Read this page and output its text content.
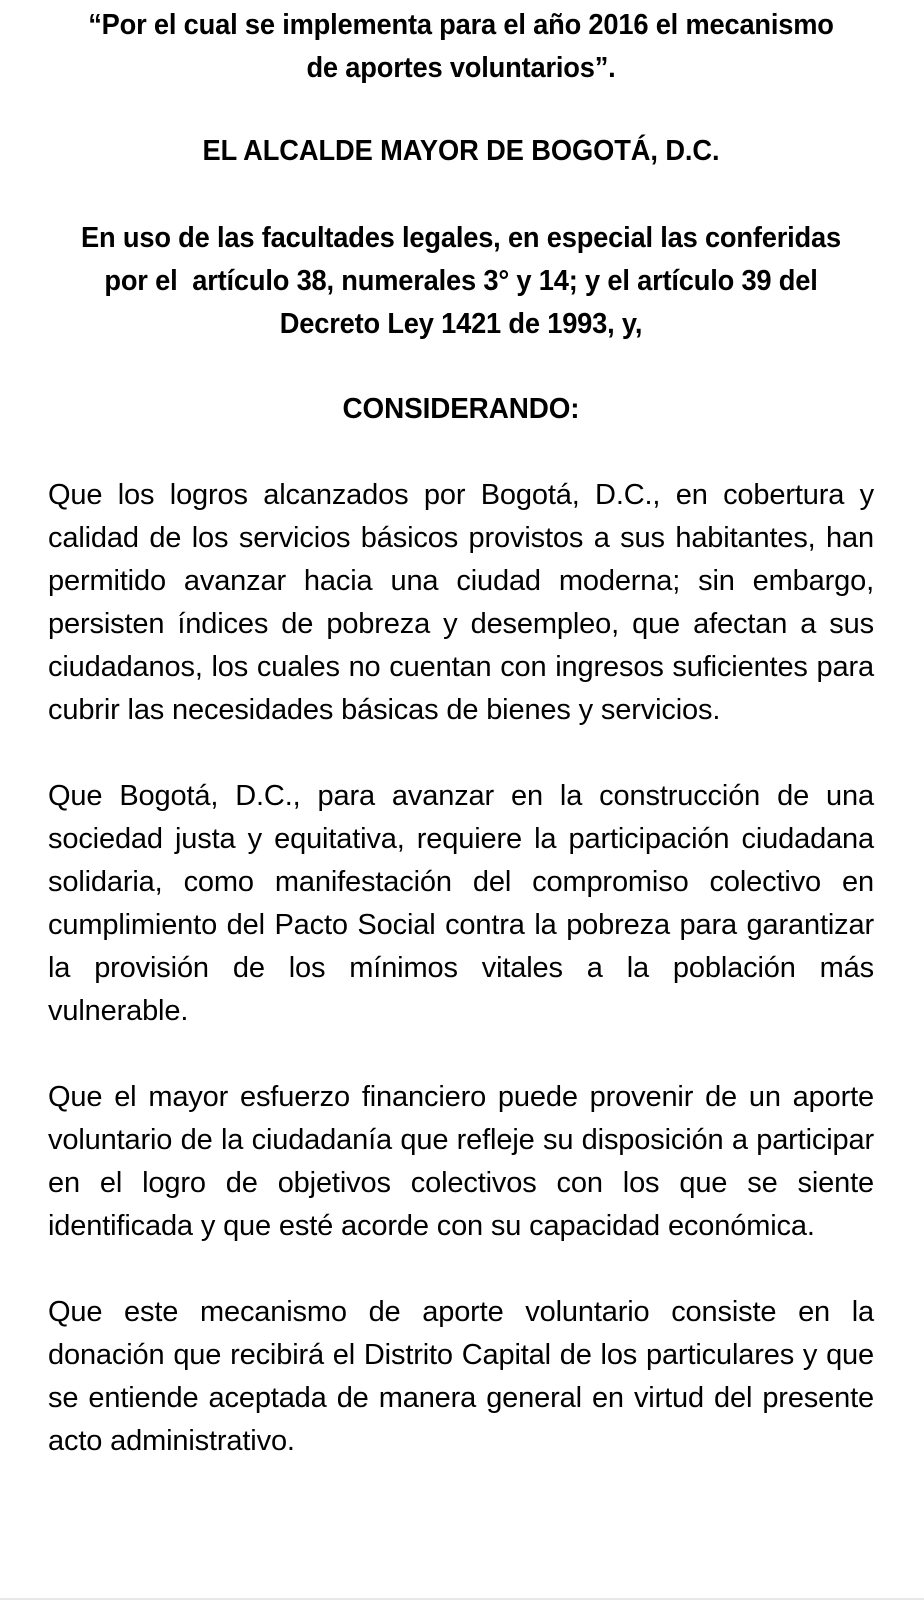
“Por el cual se implementa para el año 2016 el mecanismo de aportes voluntarios”.
EL ALCALDE MAYOR DE BOGOTÁ, D.C.

En uso de las facultades legales, en especial las conferidas por el  artículo 38, numerales 3° y 14; y el artículo 39 del Decreto Ley 1421 de 1993, y,

CONSIDERANDO:

Que los logros alcanzados por Bogotá, D.C., en cobertura y calidad de los servicios básicos provistos a sus habitantes, han permitido avanzar hacia una ciudad moderna; sin embargo, persisten índices de pobreza y desempleo, que afectan a sus ciudadanos, los cuales no cuentan con ingresos suficientes para cubrir las necesidades básicas de bienes y servicios.

Que Bogotá, D.C., para avanzar en la construcción de una sociedad justa y equitativa, requiere la participación ciudadana solidaria, como manifestación del compromiso colectivo en cumplimiento del Pacto Social contra la pobreza para garantizar la provisión de los mínimos vitales a la población más vulnerable.

Que el mayor esfuerzo financiero puede provenir de un aporte voluntario de la ciudadanía que refleje su disposición a participar en el logro de objetivos colectivos con los que se siente identificada y que esté acorde con su capacidad económica.

Que este mecanismo de aporte voluntario consiste en la donación que recibirá el Distrito Capital de los particulares y que se entiende aceptada de manera general en virtud del presente acto administrativo.
